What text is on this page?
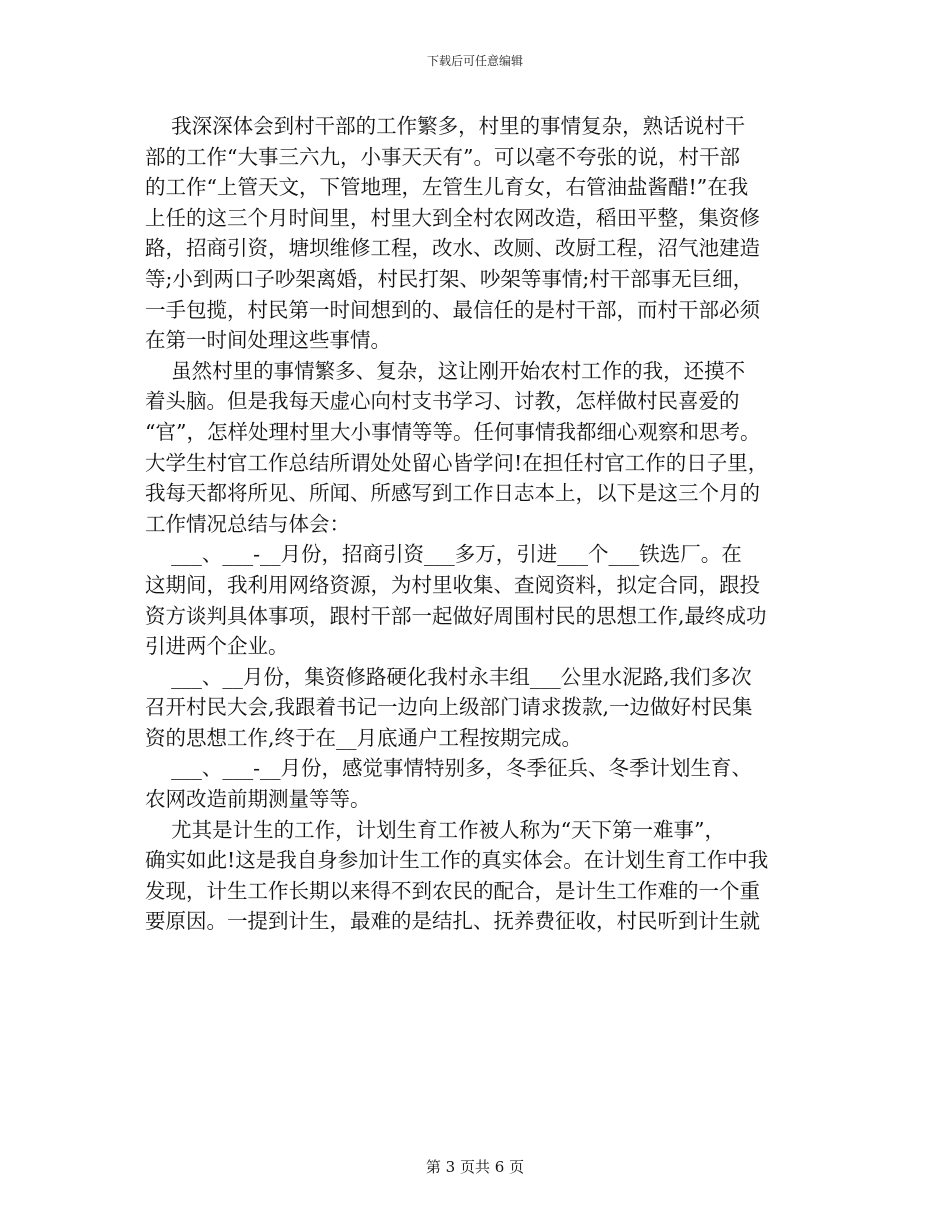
下载后可任意编辑
我深深体会到村干部的工作繁多，村里的事情复杂，熟话说村干
部的工作“大事三六九，小事天天有”。可以毫不夸张的说，村干部
的工作“上管天文，下管地理，左管生儿育女，右管油盐酱醋!”在我
上任的这三个月时间里，村里大到全村农网改造，稻田平整，集资修
路，招商引资，塘坝维修工程，改水、改厕、改厨工程，沼气池建造
等;小到两口子吵架离婚，村民打架、吵架等事情;村干部事无巨细，
一手包揽，村民第一时间想到的、最信任的是村干部，而村干部必须
在第一时间处理这些事情。
虽然村里的事情繁多、复杂，这让刚开始农村工作的我，还摸不
着头脑。但是我每天虚心向村支书学习、讨教，怎样做村民喜爱的
“官”，怎样处理村里大小事情等等。任何事情我都细心观察和思考。
大学生村官工作总结所谓处处留心皆学问!在担任村官工作的日子里，
我每天都将所见、所闻、所感写到工作日志本上，以下是这三个月的
工作情况总结与体会：
___、___-__月份，招商引资___多万，引进___个___铁选厂。在
这期间，我利用网络资源，为村里收集、查阅资料，拟定合同，跟投
资方谈判具体事项，跟村干部一起做好周围村民的思想工作,最终成功
引进两个企业。
___、__月份，集资修路硬化我村永丰组___公里水泥路,我们多次
召开村民大会,我跟着书记一边向上级部门请求拨款,一边做好村民集
资的思想工作,终于在__月底通户工程按期完成。
___、___-__月份，感觉事情特别多，冬季征兵、冬季计划生育、
农网改造前期测量等等。
尤其是计生的工作，计划生育工作被人称为“天下第一难事”，
确实如此!这是我自身参加计生工作的真实体会。在计划生育工作中我
发现，计生工作长期以来得不到农民的配合，是计生工作难的一个重
要原因。一提到计生，最难的是结扎、抚养费征收，村民听到计生就
第 3 页共 6 页
